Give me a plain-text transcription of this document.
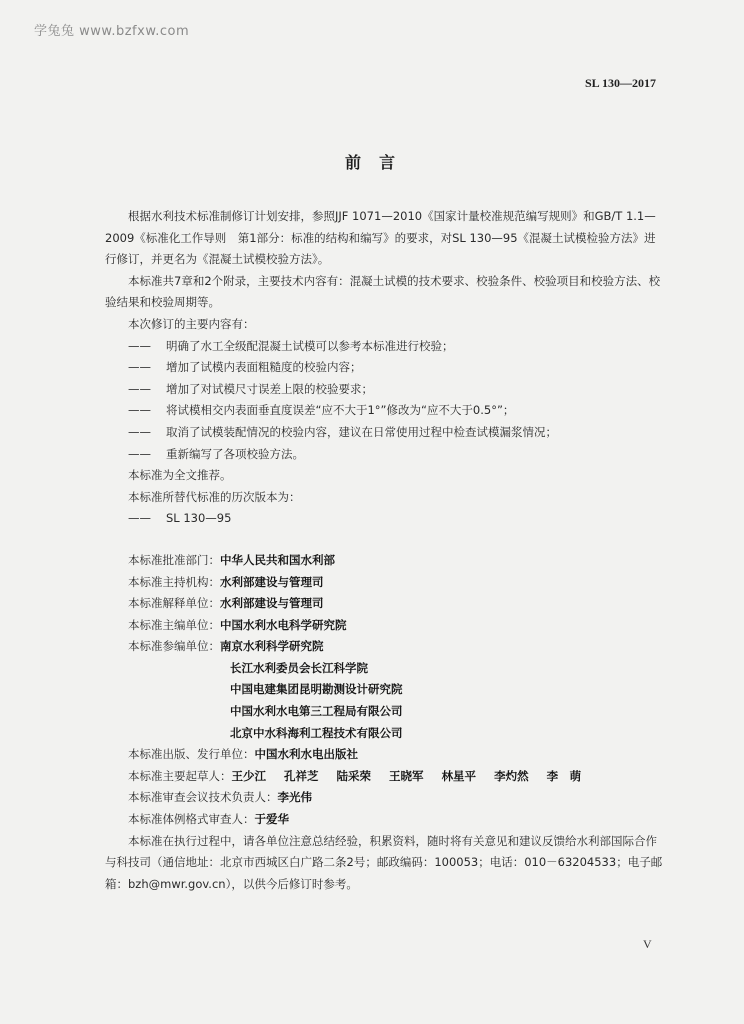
学兔兔 www.bzfxw.com
SL 130—2017
前言

根据水利技术标准制修订计划安排，参照JJF 1071—2010《国家计量校准规范编写规则》和GB/T 1.1—2009《标准化工作导则　第1部分：标准的结构和编写》的要求，对SL 130—95《混凝土试模检验方法》进行修订，并更名为《混凝土试模校验方法》。

本标准共7章和2个附录，主要技术内容有：混凝土试模的技术要求、校验条件、校验项目和校验方法、校验结果和校验周期等。

本次修订的主要内容有：

—— 明确了水工全级配混凝土试模可以参考本标准进行校验；

—— 增加了试模内表面粗糙度的校验内容；

—— 增加了对试模尺寸误差上限的校验要求；

—— 将试模相交内表面垂直度误差“应不大于1°”修改为“应不大于0.5°”；

—— 取消了试模装配情况的校验内容，建议在日常使用过程中检查试模漏浆情况；

—— 重新编写了各项校验方法。

本标准为全文推荐。

本标准所替代标准的历次版本为：

—— SL 130—95

本标准批准部门： 中华人民共和国水利部

本标准主持机构： 水利部建设与管理司

本标准解释单位： 水利部建设与管理司

本标准主编单位： 中国水利水电科学研究院

本标准参编单位： 南京水利科学研究院

长江水利委员会长江科学院

中国电建集团昆明勘测设计研究院

中国水利水电第三工程局有限公司

北京中水科海利工程技术有限公司

本标准出版、发行单位： 中国水利水电出版社

本标准主要起草人： 王少江 孔祥芝 陆采荣 王晓军 林星平 李灼然 李　萌

本标准审查会议技术负责人： 李光伟

本标准体例格式审查人： 于爱华

本标准在执行过程中，请各单位注意总结经验，积累资料，随时将有关意见和建议反馈给水利部国际合作与科技司（通信地址：北京市西城区白广路二条2号；邮政编码：100053；电话：010－63204533；电子邮箱：bzh@mwr.gov.cn），以供今后修订时参考。

V
